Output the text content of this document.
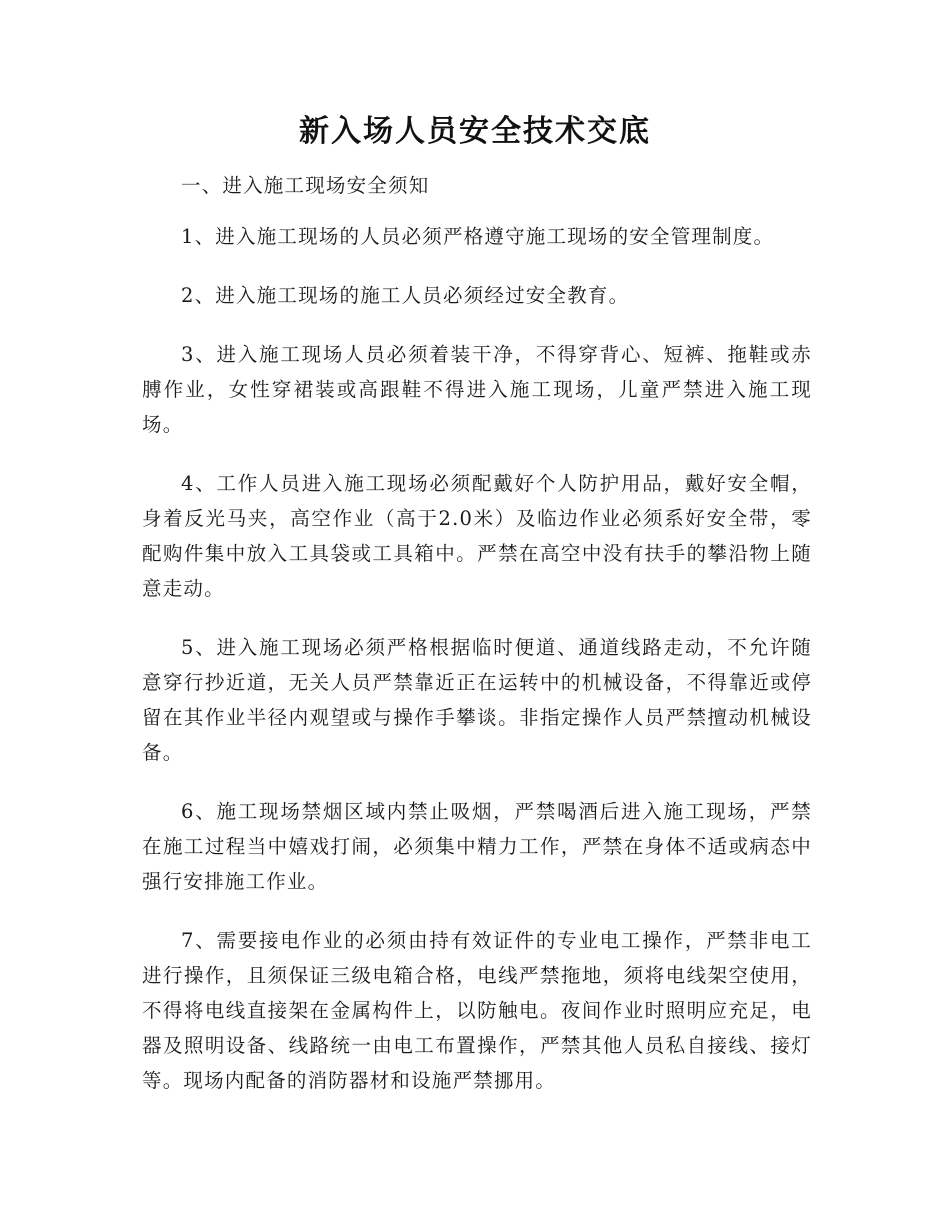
新入场人员安全技术交底

一、进入施工现场安全须知

1、进入施工现场的人员必须严格遵守施工现场的安全管理制度。

2、进入施工现场的施工人员必须经过安全教育。

3、进入施工现场人员必须着装干净，不得穿背心、短裤、拖鞋或赤膊作业，女性穿裙装或高跟鞋不得进入施工现场，儿童严禁进入施工现场。

4、工作人员进入施工现场必须配戴好个人防护用品，戴好安全帽，身着反光马夹，高空作业（高于2.0米）及临边作业必须系好安全带，零配购件集中放入工具袋或工具箱中。严禁在高空中没有扶手的攀沿物上随意走动。

5、进入施工现场必须严格根据临时便道、通道线路走动，不允许随意穿行抄近道，无关人员严禁靠近正在运转中的机械设备，不得靠近或停留在其作业半径内观望或与操作手攀谈。非指定操作人员严禁擅动机械设备。

6、施工现场禁烟区域内禁止吸烟，严禁喝酒后进入施工现场，严禁在施工过程当中嬉戏打闹，必须集中精力工作，严禁在身体不适或病态中强行安排施工作业。

7、需要接电作业的必须由持有效证件的专业电工操作，严禁非电工进行操作，且须保证三级电箱合格，电线严禁拖地，须将电线架空使用，不得将电线直接架在金属构件上，以防触电。夜间作业时照明应充足，电器及照明设备、线路统一由电工布置操作，严禁其他人员私自接线、接灯等。现场内配备的消防器材和设施严禁挪用。
